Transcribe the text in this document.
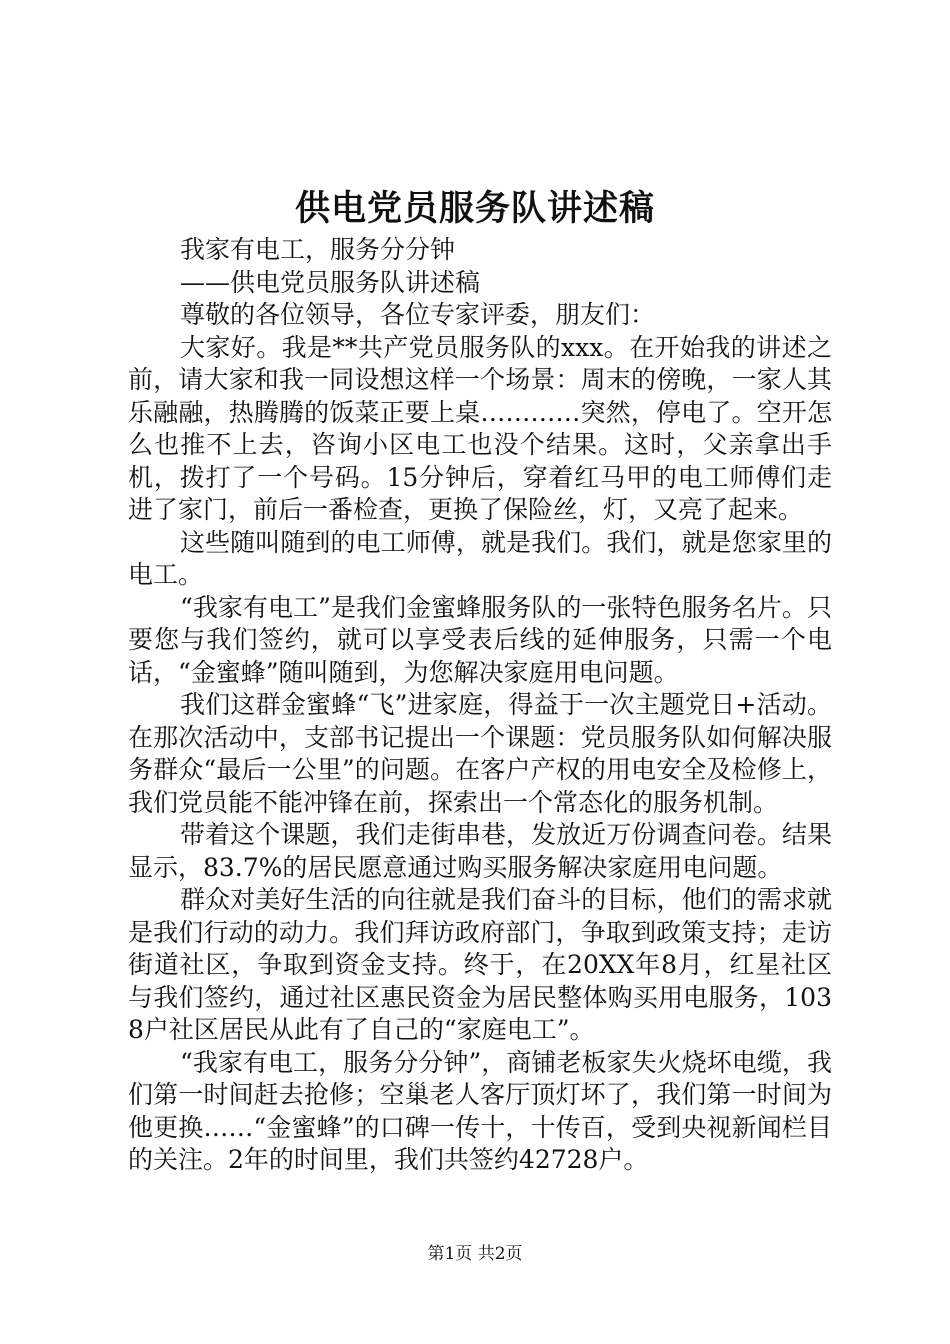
供电党员服务队讲述稿

我家有电工，服务分分钟

——供电党员服务队讲述稿

尊敬的各位领导，各位专家评委，朋友们：

大家好。我是**共产党员服务队的xxx。在开始我的讲述之前，请大家和我一同设想这样一个场景：周末的傍晚，一家人其乐融融，热腾腾的饭菜正要上桌…………突然，停电了。空开怎么也推不上去，咨询小区电工也没个结果。这时，父亲拿出手机，拨打了一个号码。15分钟后，穿着红马甲的电工师傅们走进了家门，前后一番检查，更换了保险丝，灯，又亮了起来。

这些随叫随到的电工师傅，就是我们。我们，就是您家里的电工。

“我家有电工”是我们金蜜蜂服务队的一张特色服务名片。只要您与我们签约，就可以享受表后线的延伸服务，只需一个电话，“金蜜蜂”随叫随到，为您解决家庭用电问题。

我们这群金蜜蜂“飞”进家庭，得益于一次主题党日+活动。在那次活动中，支部书记提出一个课题：党员服务队如何解决服务群众“最后一公里”的问题。在客户产权的用电安全及检修上，我们党员能不能冲锋在前，探索出一个常态化的服务机制。

带着这个课题，我们走街串巷，发放近万份调查问卷。结果显示，83.7%的居民愿意通过购买服务解决家庭用电问题。

群众对美好生活的向往就是我们奋斗的目标，他们的需求就是我们行动的动力。我们拜访政府部门，争取到政策支持；走访街道社区，争取到资金支持。终于，在20XX年8月，红星社区与我们签约，通过社区惠民资金为居民整体购买用电服务，1038户社区居民从此有了自己的“家庭电工”。

“我家有电工，服务分分钟”，商铺老板家失火烧坏电缆，我们第一时间赶去抢修；空巢老人客厅顶灯坏了，我们第一时间为他更换……“金蜜蜂”的口碑一传十，十传百，受到央视新闻栏目的关注。2年的时间里，我们共签约42728户。

第1页 共2页
